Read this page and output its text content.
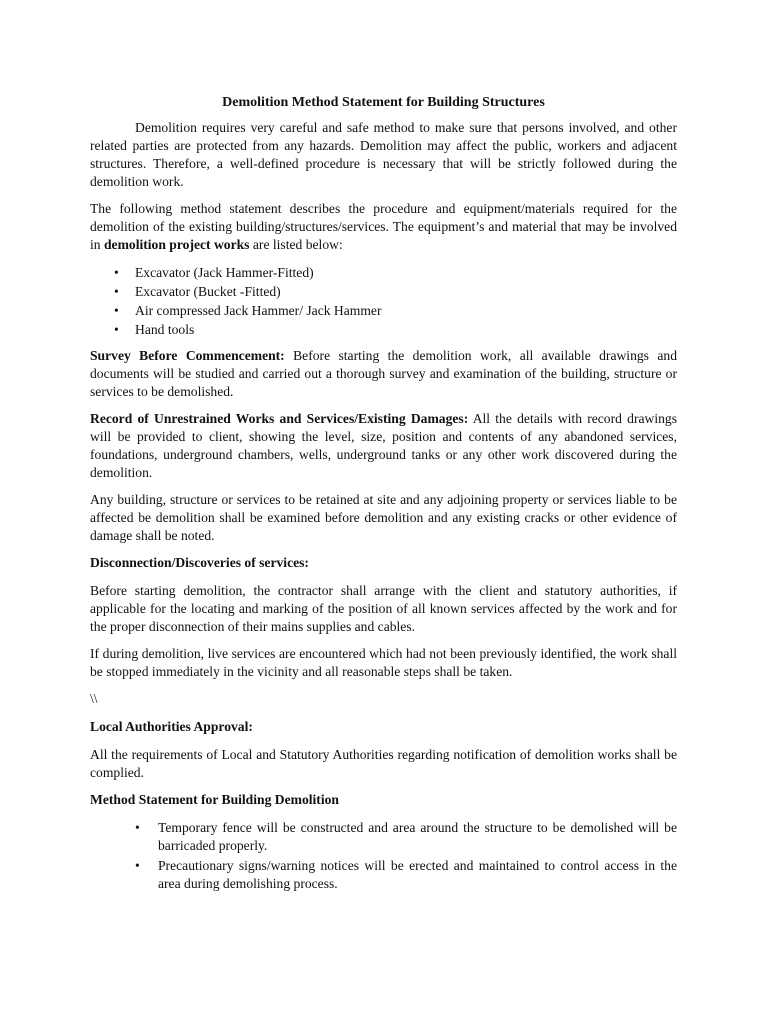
Demolition Method Statement for Building Structures

Demolition requires very careful and safe method to make sure that persons involved, and other related parties are protected from any hazards. Demolition may affect the public, workers and adjacent structures. Therefore, a well-defined procedure is necessary that will be strictly followed during the demolition work.

The following method statement describes the procedure and equipment/materials required for the demolition of the existing building/structures/services. The equipment’s and material that may be involved in demolition project works are listed below:

• Excavator (Jack Hammer-Fitted)
• Excavator (Bucket -Fitted)
• Air compressed Jack Hammer/ Jack Hammer
• Hand tools

Survey Before Commencement: Before starting the demolition work, all available drawings and documents will be studied and carried out a thorough survey and examination of the building, structure or services to be demolished.

Record of Unrestrained Works and Services/Existing Damages: All the details with record drawings will be provided to client, showing the level, size, position and contents of any abandoned services, foundations, underground chambers, wells, underground tanks or any other work discovered during the demolition.

Any building, structure or services to be retained at site and any adjoining property or services liable to be affected be demolition shall be examined before demolition and any existing cracks or other evidence of damage shall be noted.

Disconnection/Discoveries of services:

Before starting demolition, the contractor shall arrange with the client and statutory authorities, if applicable for the locating and marking of the position of all known services affected by the work and for the proper disconnection of their mains supplies and cables.

If during demolition, live services are encountered which had not been previously identified, the work shall be stopped immediately in the vicinity and all reasonable steps shall be taken.

\\

Local Authorities Approval:

All the requirements of Local and Statutory Authorities regarding notification of demolition works shall be complied.

Method Statement for Building Demolition

• Temporary fence will be constructed and area around the structure to be demolished will be barricaded properly.
• Precautionary signs/warning notices will be erected and maintained to control access in the area during demolishing process.
